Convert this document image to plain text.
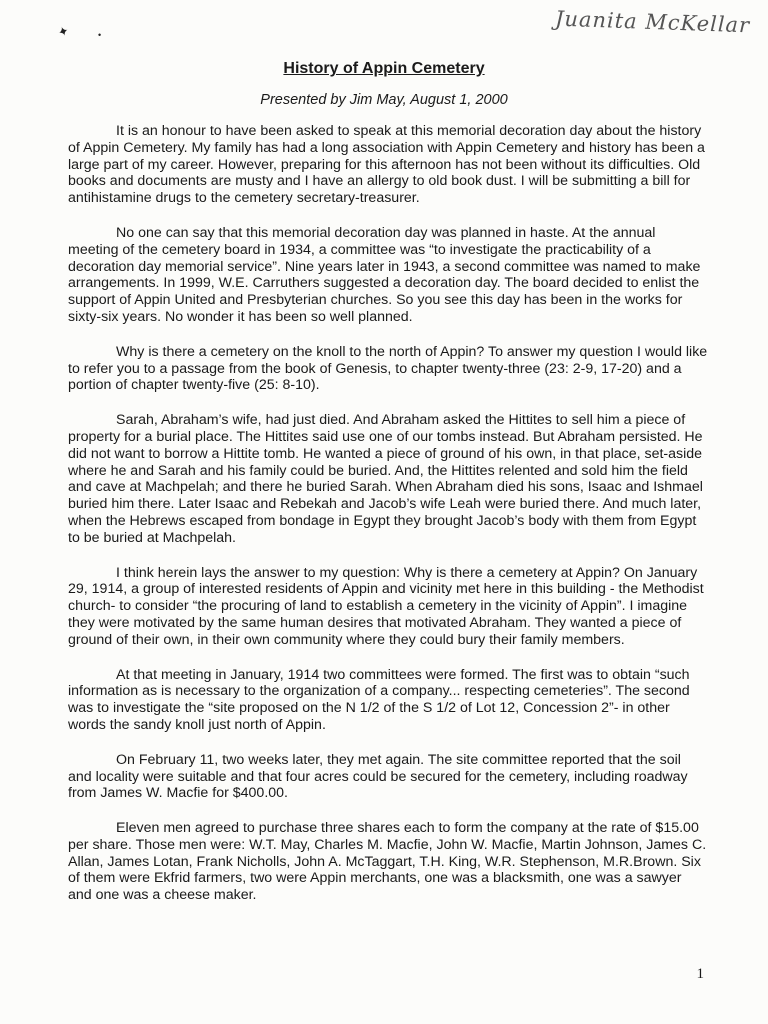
Juanita McKellar
✦	•
History of Appin Cemetery
Presented by Jim May, August 1, 2000

It is an honour to have been asked to speak at this memorial decoration day about the history of Appin Cemetery. My family has had a long association with Appin Cemetery and history has been a large part of my career. However, preparing for this afternoon has not been without its difficulties. Old books and documents are musty and I have an allergy to old book dust. I will be submitting a bill for antihistamine drugs to the cemetery secretary-treasurer.

No one can say that this memorial decoration day was planned in haste. At the annual meeting of the cemetery board in 1934, a committee was “to investigate the practicability of a decoration day memorial service”. Nine years later in 1943, a second committee was named to make arrangements. In 1999, W.E. Carruthers suggested a decoration day. The board decided to enlist the support of Appin United and Presbyterian churches. So you see this day has been in the works for sixty-six years. No wonder it has been so well planned.

Why is there a cemetery on the knoll to the north of Appin? To answer my question I would like to refer you to a passage from the book of Genesis, to chapter twenty-three (23: 2-9, 17-20) and a portion of chapter twenty-five (25: 8-10).

Sarah, Abraham’s wife, had just died. And Abraham asked the Hittites to sell him a piece of property for a burial place. The Hittites said use one of our tombs instead. But Abraham persisted. He did not want to borrow a Hittite tomb. He wanted a piece of ground of his own, in that place, set-aside where he and Sarah and his family could be buried. And, the Hittites relented and sold him the field and cave at Machpelah; and there he buried Sarah. When Abraham died his sons, Isaac and Ishmael buried him there. Later Isaac and Rebekah and Jacob’s wife Leah were buried there. And much later, when the Hebrews escaped from bondage in Egypt they brought Jacob’s body with them from Egypt to be buried at Machpelah.

I think herein lays the answer to my question: Why is there a cemetery at Appin? On January 29, 1914, a group of interested residents of Appin and vicinity met here in this building - the Methodist church- to consider “the procuring of land to establish a cemetery in the vicinity of Appin”. I imagine they were motivated by the same human desires that motivated Abraham. They wanted a piece of ground of their own, in their own community where they could bury their family members.

At that meeting in January, 1914 two committees were formed. The first was to obtain “such information as is necessary to the organization of a company... respecting cemeteries”. The second was to investigate the “site proposed on the N 1/2 of the S 1/2 of Lot 12, Concession 2”- in other words the sandy knoll just north of Appin.

On February 11, two weeks later, they met again. The site committee reported that the soil and locality were suitable and that four acres could be secured for the cemetery, including roadway from James W. Macfie for $400.00.

Eleven men agreed to purchase three shares each to form the company at the rate of $15.00 per share. Those men were: W.T. May, Charles M. Macfie, John W. Macfie, Martin Johnson, James C. Allan, James Lotan, Frank Nicholls, John A. McTaggart, T.H. King, W.R. Stephenson, M.R.Brown. Six of them were Ekfrid farmers, two were Appin merchants, one was a blacksmith, one was a sawyer and one was a cheese maker.

1
